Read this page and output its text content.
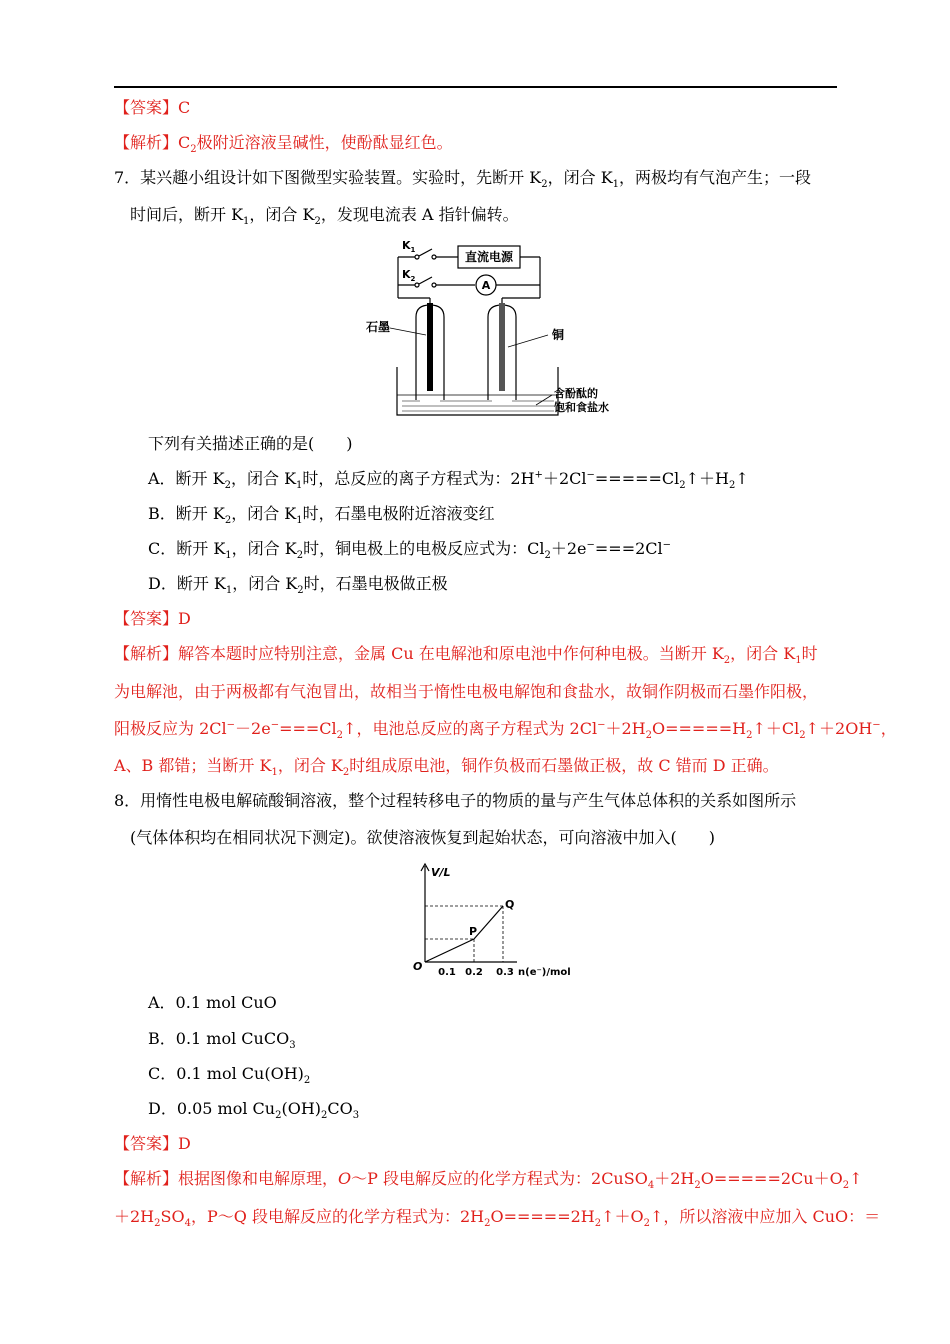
【答案】C
【解析】$C_2$极附近溶液呈碱性，使酚酞显红色。
7．某兴趣小组设计如下图微型实验装置。实验时，先断开 $K_2$，闭合 $K_1$，两极均有气泡产生；一段
时间后，断开 $K_1$，闭合 $K_2$，发现电流表 A 指针偏转。
$K_1$
$K_2$
直流电源
A
石墨
铜
含酚酞的
饱和食盐水
下列有关描述正确的是(　　)
A．断开 $K_2$，闭合 $K_1$时，总反应的离子方程式为：$2H^++2Cl^-=====Cl_2↑+H_2↑$
B．断开 $K_2$，闭合 $K_1$时，石墨电极附近溶液变红
C．断开 $K_1$，闭合 $K_2$时，铜电极上的电极反应式为：$Cl_2+2e^-===2Cl^-$
D．断开 $K_1$，闭合 $K_2$时，石墨电极做正极
【答案】D
【解析】解答本题时应特别注意，金属 Cu 在电解池和原电池中作何种电极。当断开 $K_2$，闭合 $K_1$时
为电解池，由于两极都有气泡冒出，故相当于惰性电极电解饱和食盐水，故铜作阴极而石墨作阳极，
阳极反应为 $2Cl^--2e^-===Cl_2↑$，电池总反应的离子方程式为 $2Cl^-+2H_2O=====H_2↑+Cl_2↑+2OH^-$，
A、B 都错；当断开 $K_1$，闭合 $K_2$时组成原电池，铜作负极而石墨做正极，故 C 错而 D 正确。
8．用惰性电极电解硫酸铜溶液，整个过程转移电子的物质的量与产生气体总体积的关系如图所示
(气体体积均在相同状况下测定)。欲使溶液恢复到起始状态，可向溶液中加入(　　)
V/L
O
P
Q
0.1 0.2 0.3 n(e⁻)/mol
A．0.1 mol CuO
B．0.1 mol CuCO$_3$
C．0.1 mol $Cu(OH)_2$
D．0.05 mol $Cu_2(OH)_2CO_3$
【答案】D
【解析】根据图像和电解原理，O～P 段电解反应的化学方程式为：$2CuSO_4+2H_2O=====2Cu+O_2↑$
$+2H_2SO_4$，P～Q 段电解反应的化学方程式为：$2H_2O=====2H_2↑+O_2↑$，所以溶液中应加入 CuO：＝
